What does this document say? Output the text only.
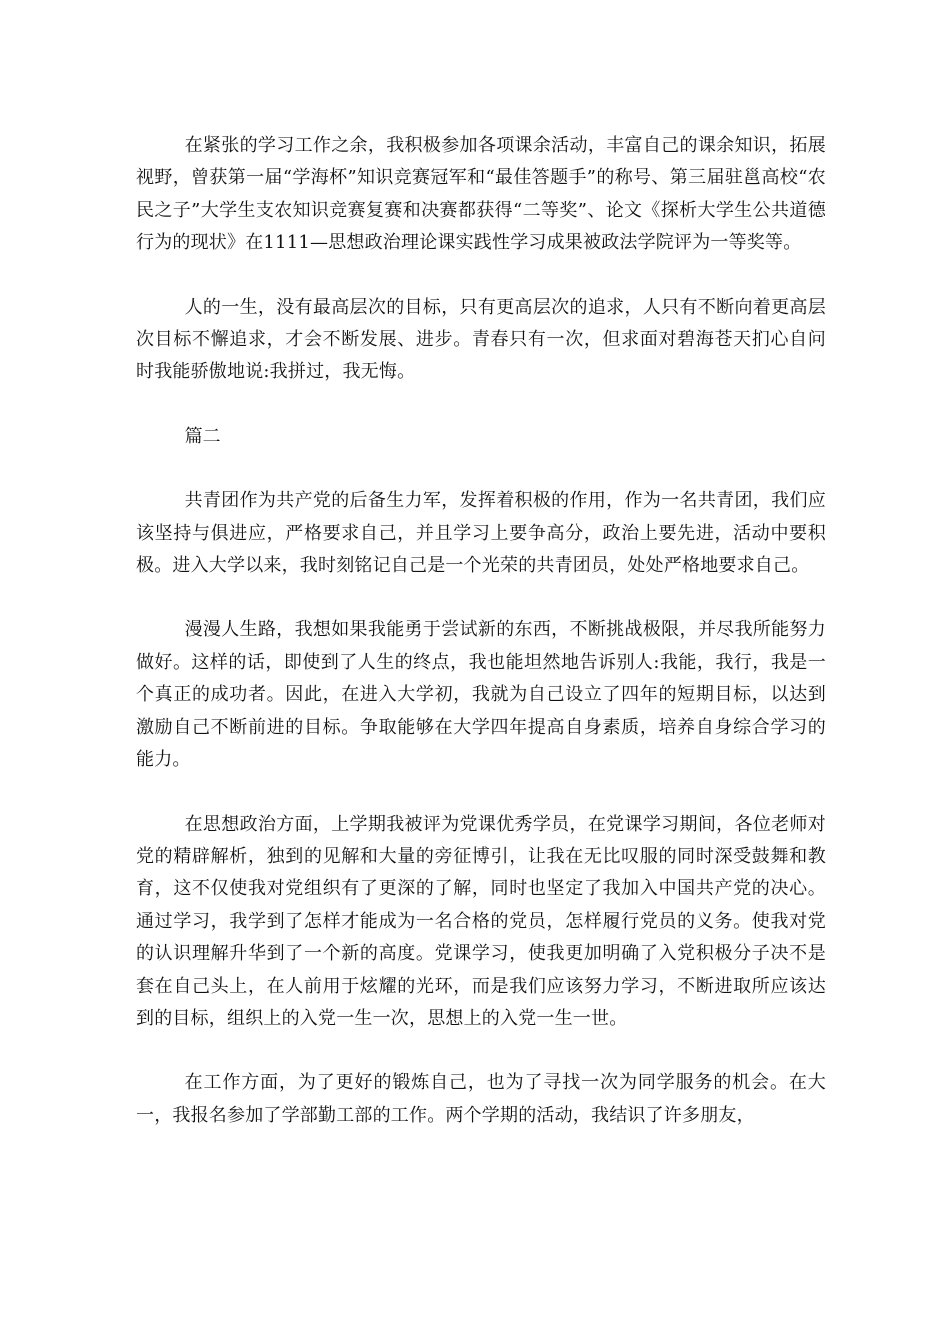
在紧张的学习工作之余，我积极参加各项课余活动，丰富自己的课余知识，拓展视野，曾获第一届“学海杯”知识竞赛冠军和“最佳答题手”的称号、第三届驻邕高校“农民之子”大学生支农知识竞赛复赛和决赛都获得“二等奖”、论文《探析大学生公共道德行为的现状》在1111—思想政治理论课实践性学习成果被政法学院评为一等奖等。

人的一生，没有最高层次的目标，只有更高层次的追求，人只有不断向着更高层次目标不懈追求，才会不断发展、进步。青春只有一次，但求面对碧海苍天扪心自问时我能骄傲地说:我拼过，我无悔。

篇二

共青团作为共产党的后备生力军，发挥着积极的作用，作为一名共青团，我们应该坚持与俱进应，严格要求自己，并且学习上要争高分，政治上要先进，活动中要积极。进入大学以来，我时刻铭记自己是一个光荣的共青团员，处处严格地要求自己。

漫漫人生路，我想如果我能勇于尝试新的东西，不断挑战极限，并尽我所能努力做好。这样的话，即使到了人生的终点，我也能坦然地告诉别人:我能，我行，我是一个真正的成功者。因此，在进入大学初，我就为自己设立了四年的短期目标，以达到激励自己不断前进的目标。争取能够在大学四年提高自身素质，培养自身综合学习的能力。

在思想政治方面，上学期我被评为党课优秀学员，在党课学习期间，各位老师对党的精辟解析，独到的见解和大量的旁征博引，让我在无比叹服的同时深受鼓舞和教育，这不仅使我对党组织有了更深的了解，同时也坚定了我加入中国共产党的决心。通过学习，我学到了怎样才能成为一名合格的党员，怎样履行党员的义务。使我对党的认识理解升华到了一个新的高度。党课学习，使我更加明确了入党积极分子决不是套在自己头上，在人前用于炫耀的光环，而是我们应该努力学习，不断进取所应该达到的目标，组织上的入党一生一次，思想上的入党一生一世。

在工作方面，为了更好的锻炼自己，也为了寻找一次为同学服务的机会。在大一，我报名参加了学部勤工部的工作。两个学期的活动，我结识了许多朋友，
